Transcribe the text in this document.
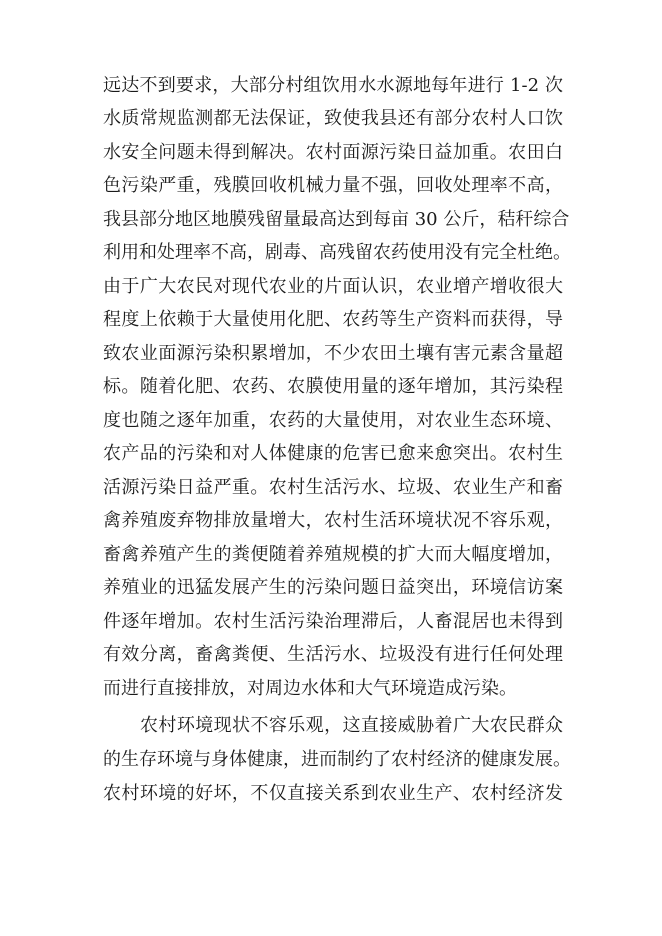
远达不到要求，大部分村组饮用水水源地每年进行 1-2 次
水质常规监测都无法保证，致使我县还有部分农村人口饮
水安全问题未得到解决。农村面源污染日益加重。农田白
色污染严重，残膜回收机械力量不强，回收处理率不高，
我县部分地区地膜残留量最高达到每亩 30 公斤，秸秆综合
利用和处理率不高，剧毒、高残留农药使用没有完全杜绝。
由于广大农民对现代农业的片面认识，农业增产增收很大
程度上依赖于大量使用化肥、农药等生产资料而获得，导
致农业面源污染积累增加，不少农田土壤有害元素含量超
标。随着化肥、农药、农膜使用量的逐年增加，其污染程
度也随之逐年加重，农药的大量使用，对农业生态环境、
农产品的污染和对人体健康的危害已愈来愈突出。农村生
活源污染日益严重。农村生活污水、垃圾、农业生产和畜
禽养殖废弃物排放量增大，农村生活环境状况不容乐观，
畜禽养殖产生的粪便随着养殖规模的扩大而大幅度增加，
养殖业的迅猛发展产生的污染问题日益突出，环境信访案
件逐年增加。农村生活污染治理滞后，人畜混居也未得到
有效分离，畜禽粪便、生活污水、垃圾没有进行任何处理
而进行直接排放，对周边水体和大气环境造成污染。
农村环境现状不容乐观，这直接威胁着广大农民群众
的生存环境与身体健康，进而制约了农村经济的健康发展。
农村环境的好坏，不仅直接关系到农业生产、农村经济发
